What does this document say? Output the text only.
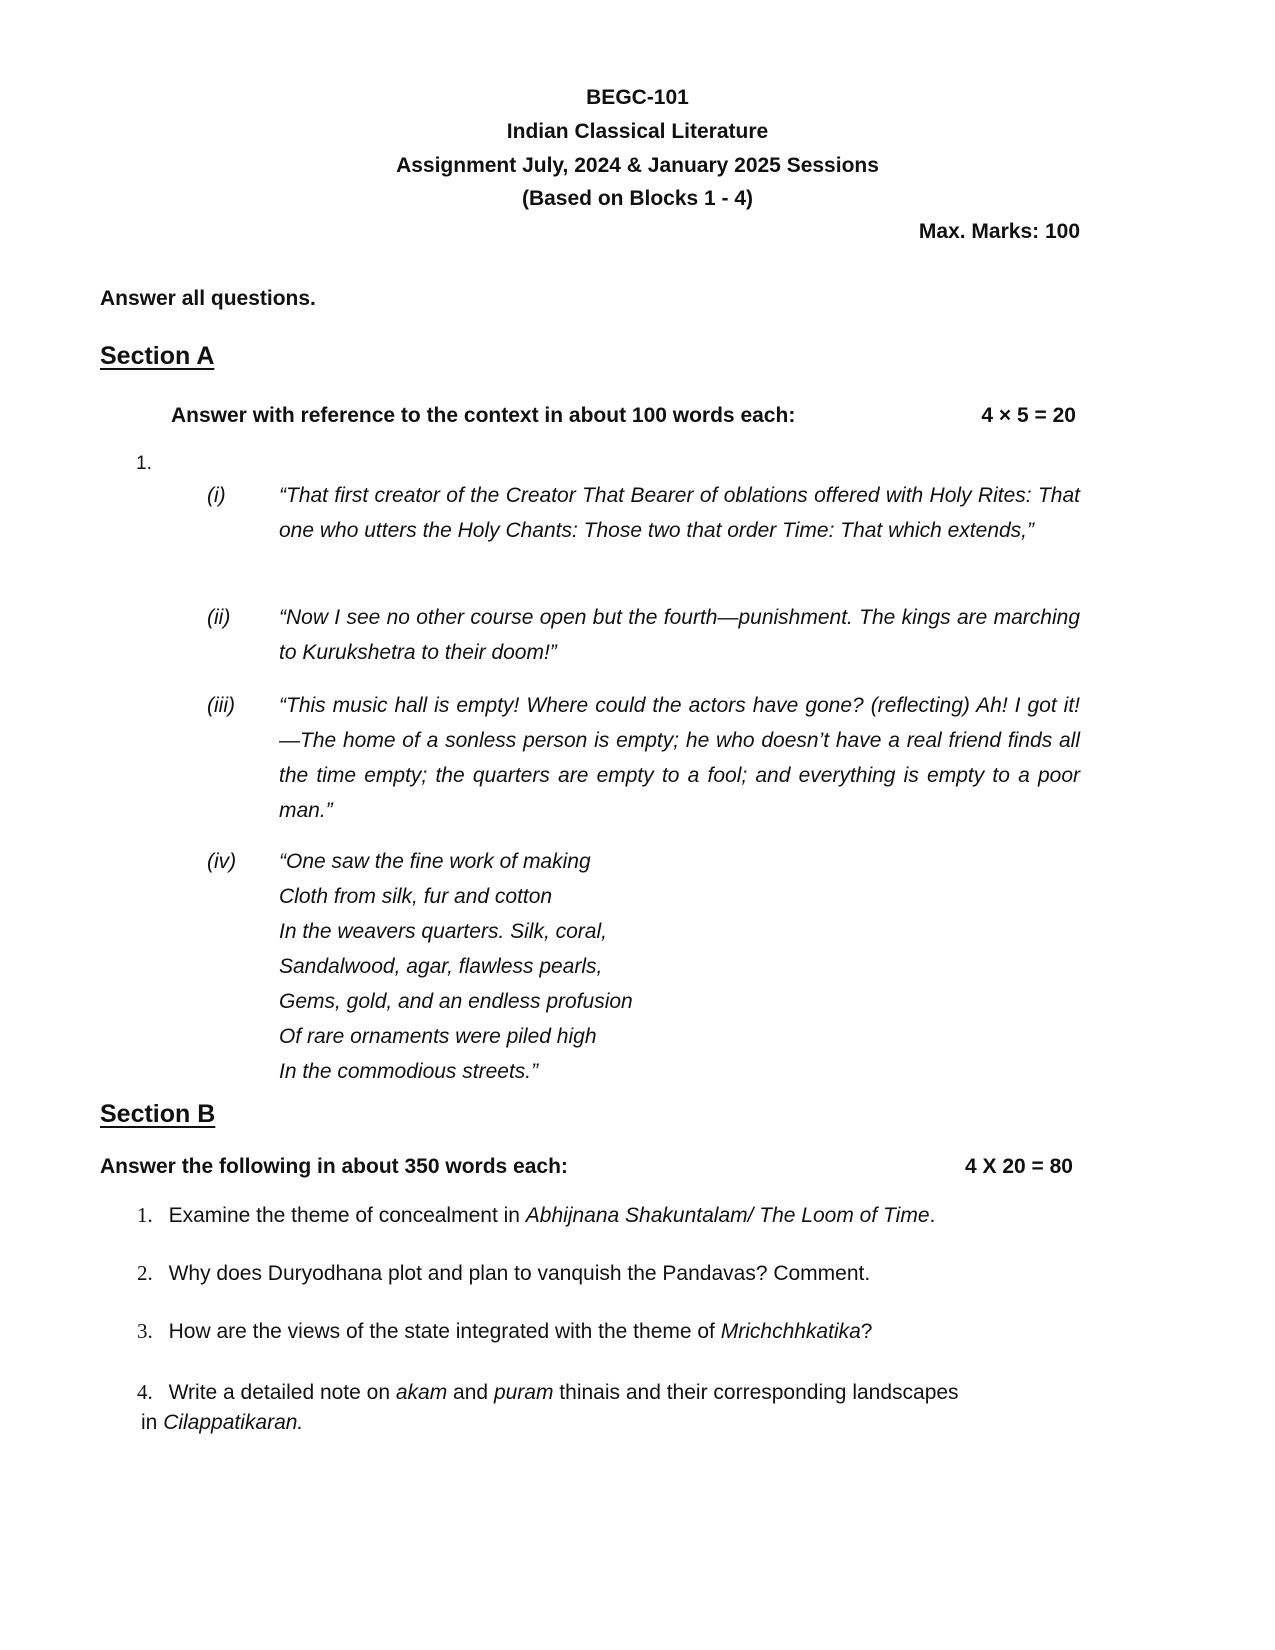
BEGC-101
Indian Classical Literature
Assignment July, 2024 & January 2025 Sessions
(Based on Blocks 1 - 4)
Max. Marks: 100
Answer all questions.
Section A
Answer with reference to the context in about 100 words each:	4 × 5 = 20
1.
(i)	“That first creator of the Creator That Bearer of oblations offered with Holy Rites: That one who utters the Holy Chants: Those two that order Time: That which extends,”
(ii) “Now I see no other course open but the fourth—punishment. The kings are marching to Kurukshetra to their doom!”
(iii) “This music hall is empty! Where could the actors have gone? (reflecting) Ah! I got it!—The home of a sonless person is empty; he who doesn’t have a real friend finds all the time empty; the quarters are empty to a fool; and everything is empty to a poor man.”
(iv) “One saw the fine work of making
Cloth from silk, fur and cotton
In the weavers quarters. Silk, coral,
Sandalwood, agar, flawless pearls,
Gems, gold, and an endless profusion
Of rare ornaments were piled high
In the commodious streets.”
Section B
Answer the following in about 350 words each:	4 X 20 = 80
1. Examine the theme of concealment in Abhijnana Shakuntalam/ The Loom of Time.
2. Why does Duryodhana plot and plan to vanquish the Pandavas? Comment.
3. How are the views of the state integrated with the theme of Mrichchhkatika?
4. Write a detailed note on akam and puram thinais and their corresponding landscapes
in Cilappatikaran.
